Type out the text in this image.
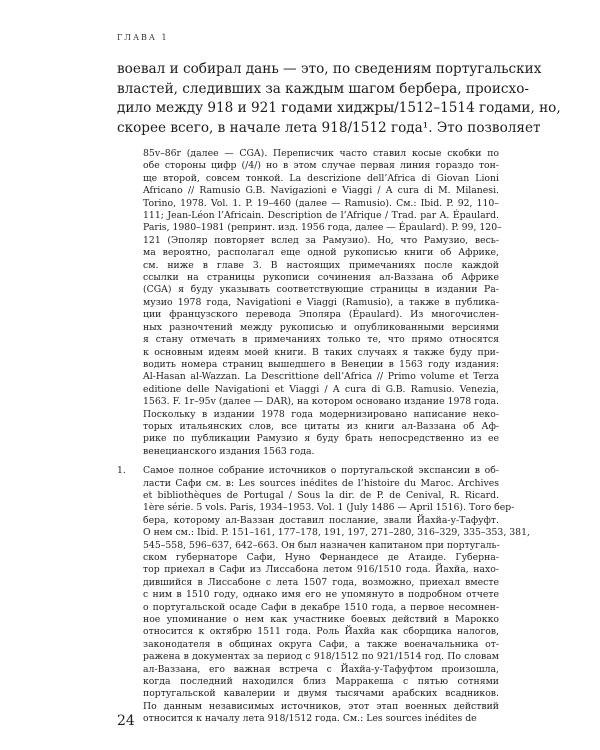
ГЛАВА 1
воевал и собирал дань — это, по сведениям португальских
властей, следивших за каждым шагом бербера, происхо-
дило между 918 и 921 годами хиджры/1512–1514 годами, но,
скорее всего, в начале лета 918/1512 года¹. Это позволяет
85v–86r (далее — CGA). Переписчик часто ставил косые скобки по
обе стороны цифр (/4/) но в этом случае первая линия гораздо тон-
ще второй, совсем тонкой. La descrizione dell’Africa di Giovan Lioni
Africano // Ramusio G.B. Navigazioni e Viaggi / A cura di M. Milanesi.
Torino, 1978. Vol. 1. P. 19–460 (далее — Ramusio). См.: Ibid. P. 92, 110–
111; Jean-Léon l’Africain. Description de l’Afrique / Trad. par A. Épaulard.
Paris, 1980–1981 (репринт. изд. 1956 года, далее — Épaulard). P. 99, 120–
121 (Эполяр повторяет вслед за Рамузио). Но, что Рамузио, весь-
ма вероятно, располагал еще одной рукописью книги об Африке,
см. ниже в главе 3. В настоящих примечаниях после каждой
ссылки на страницы рукописи сочинения ал-Ваззана об Африке
(CGA) я буду указывать соответствующие страницы в издании Ра-
музио 1978 года, Navigationi e Viaggi (Ramusio), а также в публика-
ции французского перевода Эполяра (Épaulard). Из многочислен-
ных разночтений между рукописью и опубликованными версиями
я стану отмечать в примечаниях только те, что прямо относятся
к основным идеям моей книги. В таких случаях я также буду при-
водить номера страниц вышедшего в Венеции в 1563 году издания:
Al-Hasan al-Wazzan. La Descrittione dell’Africa // Primo volume et Terza
editione delle Navigationi et Viaggi / A cura di G.B. Ramusio. Venezia,
1563. F. 1r–95v (далее — DAR), на котором основано издание 1978 года.
Поскольку в издании 1978 года модернизировано написание неко-
торых итальянских слов, все цитаты из книги ал-Ваззана об Аф-
рике по публикации Рамузио я буду брать непосредственно из ее
венецианского издания 1563 года.
1. Самое полное собрание источников о португальской экспансии в об-
ласти Сафи см. в: Les sources inédites de l’histoire du Maroc. Archives
et bibliothèques de Portugal / Sous la dir. de P. de Cenival, R. Ricard.
1ère série. 5 vols. Paris, 1934–1953. Vol. 1 (July 1486 — April 1516). Того бер-
бера, которому ал-Ваззан доставил послание, звали Йахйа-у-Тафуфт.
О нем см.: Ibid. P. 151–161, 177–178, 191, 197, 271–280, 316–329, 335–353, 381,
545–558, 596–637, 642–663. Он был назначен капитаном при португаль-
ском губернаторе Сафи, Нуно Фернандесе де Атаиде. Губерна-
тор приехал в Сафи из Лиссабона летом 916/1510 года. Йахйа, нахо-
дившийся в Лиссабоне с лета 1507 года, возможно, приехал вместе
с ним в 1510 году, однако имя его не упомянуто в подробном отчете
о португальской осаде Сафи в декабре 1510 года, а первое несомнен-
ное упоминание о нем как участнике боевых действий в Марокко
относится к октябрю 1511 года. Роль Йахйа как сборщика налогов,
законодателя в общинах округа Сафи, а также военачальника от-
ражена в документах за период с 918/1512 по 921/1514 год. По словам
ал-Ваззана, его важная встреча с Йахйа-у-Тафуфтом произошла,
когда последний находился близ Марракеша с пятью сотнями
португальской кавалерии и двумя тысячами арабских всадников.
По данным независимых источников, этот этап военных действий
относится к началу лета 918/1512 года. См.: Les sources inédites de
24
